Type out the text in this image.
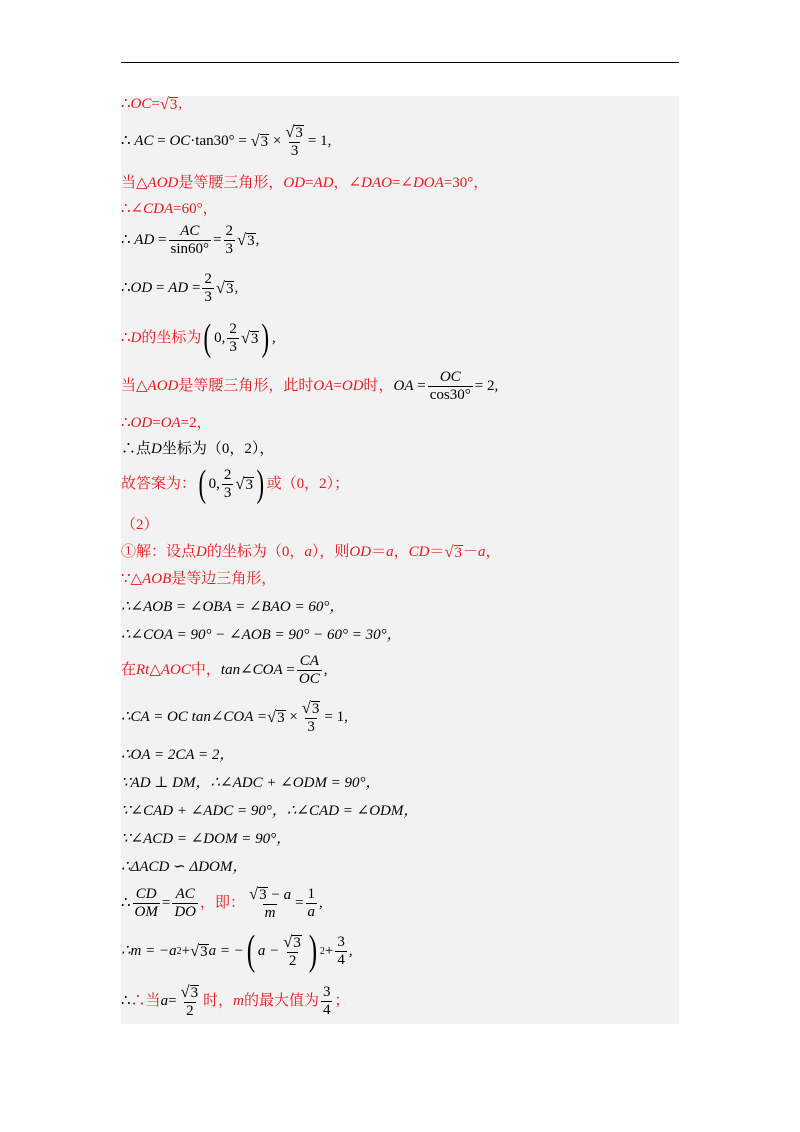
∴ OC = √ 3 ,
∴
AC
=
OC ·tan30°
=
√ 3
× $\frac{√ 3}{3}$ =
1 ,
当△ AOD 是等腰三角形， OD = AD ，∠ DAO =∠ DOA =30°，
∴∠ CDA =60°，
∴
AD
= $\frac{AC}{\sin 60^\circ} = \frac{2}{3}$ √ 3 ,
∴ OD
=
AD
= $\frac{2}{3}$ √ 3 ,
∴ D 的坐标为 ( 0 , $\frac{2}{3}$ √ 3 ) ,
当△ AOD 是等腰三角形，此时 OA = OD 时， OA
= $\frac{OC}{\cos 30^\circ}$ =
2 ,
∴ OD = OA =2，
∴点 D 坐标为（0，2），
故答案为： ( 0 , $\frac{2}{3}$ √ 3 ) 或（0，2）；
（2）
①解：设点 D 的坐标为（0， a ），则 OD ＝ a ， CD ＝ √ 3 － a ，
∵△ AOB 是等边三角形，
∴∠AOB = ∠OBA = ∠BAO = 60°，
∴∠COA = 90° − ∠AOB = 90° − 60° = 30°，
在 Rt△AOC 中， tan∠COA
= $\frac{CA}{OC}$ ,
∴CA = OC tan∠COA = √ 3
× $\frac{√ 3}{3}$ =
1 ,
∴OA = 2CA = 2，
∵AD ⊥ DM，∴∠ADC + ∠ODM = 90°，
∵∠CAD + ∠ADC = 90°，∴∠CAD = ∠ODM，
∵∠ACD = ∠DOM = 90°，
∴ΔACD ∽ ΔDOM，
∴ $\frac{CD}{OM} = \frac{AC}{DO}$ ，即： $\frac{√ 3 - a}{m} = \frac{1}{a}$ ,
∴m = −a 2 + √ 3 a = − ( $a - \frac{√ 3}{2}$ ) $2 + \frac{3}{4}$ ,
∴ ∴当 $a = \frac{√ 3}{2}$ 时， m 的最大值为 $\frac{3}{4}$ ；
